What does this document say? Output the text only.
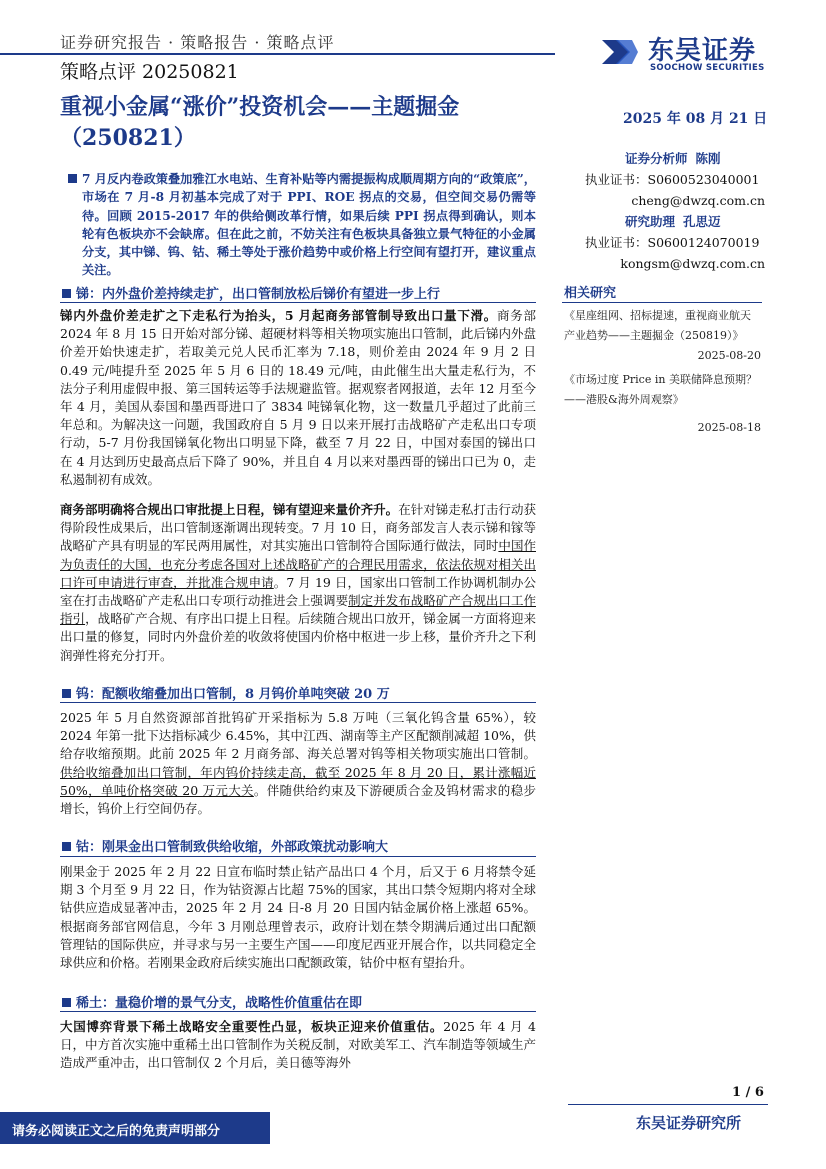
证券研究报告 · 策略报告 · 策略点评
策略点评 20250821
东吴证券
SOOCHOW SECURITIES
重视小金属“涨价”投资机会——主题掘金（250821）
2025 年 08 月 21 日
证券分析师 陈刚
执业证书：S0600523040001
cheng@dwzq.com.cn
研究助理 孔思迈
执业证书：S0600124070019
kongsm@dwzq.com.cn
相关研究
《星座组网、招标提速，重视商业航天产业趋势——主题掘金（250819）》
2025-08-20
《市场过度 Price in 美联储降息预期？——港股&海外周观察》
2025-08-18

7 月反内卷政策叠加雅江水电站、生育补贴等内需提振构成顺周期方向的“政策底”，市场在 7 月-8 月初基本完成了对于 PPI、ROE 拐点的交易，但空间交易仍需等待。回顾 2015-2017 年的供给侧改革行情，如果后续 PPI 拐点得到确认，则本轮有色板块亦不会缺席。但在此之前，不妨关注有色板块具备独立景气特征的小金属分支，其中锑、钨、钴、稀土等处于涨价趋势中或价格上行空间有望打开，建议重点关注。

锑：内外盘价差持续走扩，出口管制放松后锑价有望进一步上行

锑内外盘价差走扩之下走私行为抬头，5 月起商务部管制导致出口量下滑。商务部 2024 年 8 月 15 日开始对部分锑、超硬材料等相关物项实施出口管制，此后锑内外盘价差开始快速走扩，若取美元兑人民币汇率为 7.18，则价差由 2024 年 9 月 2 日 0.49 元/吨提升至 2025 年 5 月 6 日的 18.49 元/吨，由此催生出大量走私行为，不法分子利用虚假申报、第三国转运等手法规避监管。据观察者网报道，去年 12 月至今年 4 月，美国从泰国和墨西哥进口了 3834 吨锑氧化物，这一数量几乎超过了此前三年总和。为解决这一问题，我国政府自 5 月 9 日以来开展打击战略矿产走私出口专项行动，5-7 月份我国锑氧化物出口明显下降，截至 7 月 22 日，中国对泰国的锑出口在 4 月达到历史最高点后下降了 90%，并且自 4 月以来对墨西哥的锑出口已为 0，走私遏制初有成效。

商务部明确将合规出口审批提上日程，锑有望迎来量价齐升。在针对锑走私打击行动获得阶段性成果后，出口管制逐渐调出现转变。7 月 10 日，商务部发言人表示锑和镓等战略矿产具有明显的军民两用属性，对其实施出口管制符合国际通行做法，同时中国作为负责任的大国，也充分考虑各国对上述战略矿产的合理民用需求，依法依规对相关出口许可申请进行审查，并批准合规申请。7 月 19 日，国家出口管制工作协调机制办公室在打击战略矿产走私出口专项行动推进会上强调要制定并发布战略矿产合规出口工作指引，战略矿产合规、有序出口提上日程。后续随合规出口放开，锑金属一方面将迎来出口量的修复，同时内外盘价差的收敛将使国内价格中枢进一步上移，量价齐升之下利润弹性将充分打开。

钨：配额收缩叠加出口管制，8 月钨价单吨突破 20 万

2025 年 5 月自然资源部首批钨矿开采指标为 5.8 万吨（三氧化钨含量 65%），较 2024 年第一批下达指标减少 6.45%，其中江西、湖南等主产区配额削减超 10%，供给存收缩预期。此前 2025 年 2 月商务部、海关总署对钨等相关物项实施出口管制。供给收缩叠加出口管制，年内钨价持续走高，截至 2025 年 8 月 20 日，累计涨幅近 50%，单吨价格突破 20 万元大关。伴随供给约束及下游硬质合金及钨材需求的稳步增长，钨价上行空间仍存。

钴：刚果金出口管制致供给收缩，外部政策扰动影响大

刚果金于 2025 年 2 月 22 日宣布临时禁止钴产品出口 4 个月，后又于 6 月将禁令延期 3 个月至 9 月 22 日，作为钴资源占比超 75%的国家，其出口禁令短期内将对全球钴供应造成显著冲击，2025 年 2 月 24 日-8 月 20 日国内钴金属价格上涨超 65%。根据商务部官网信息，今年 3 月刚总理曾表示，政府计划在禁令期满后通过出口配额管理钴的国际供应，并寻求与另一主要生产国——印度尼西亚开展合作，以共同稳定全球供应和价格。若刚果金政府后续实施出口配额政策，钴价中枢有望抬升。

稀土：量稳价增的景气分支，战略性价值重估在即

大国博弈背景下稀土战略安全重要性凸显，板块正迎来价值重估。2025 年 4 月 4 日，中方首次实施中重稀土出口管制作为关税反制，对欧美军工、汽车制造等领域生产造成严重冲击，出口管制仅 2 个月后，美日德等海外

1 / 6
请务必阅读正文之后的免责声明部分	东吴证券研究所
